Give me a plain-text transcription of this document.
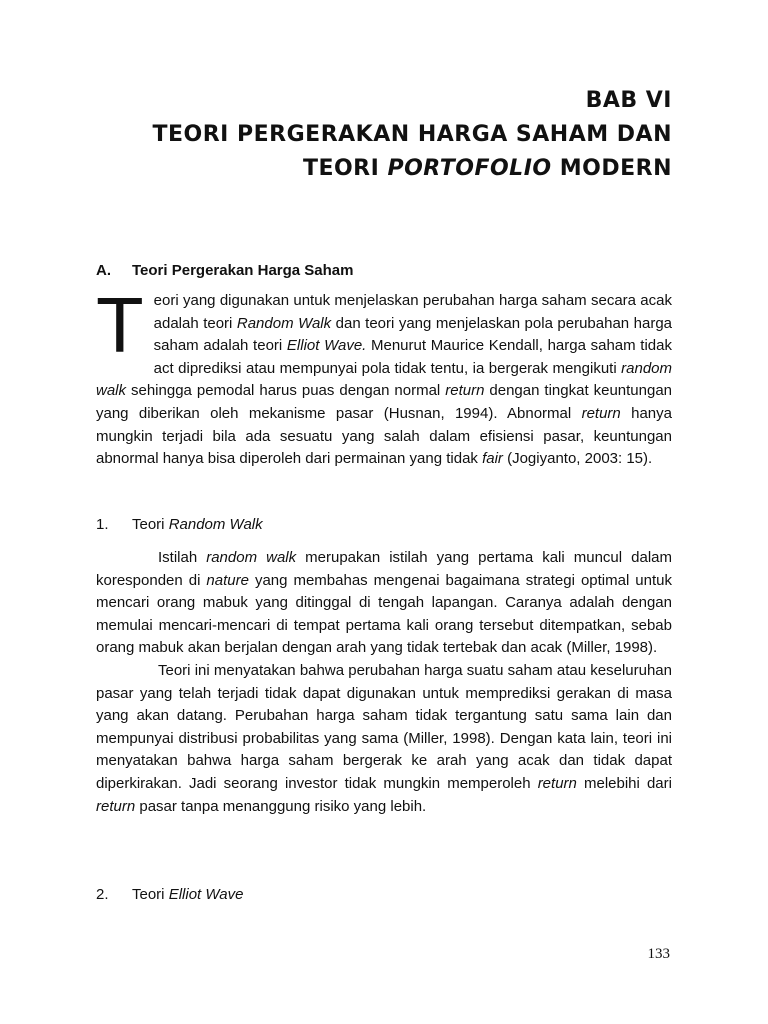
BAB VI
TEORI PERGERAKAN HARGA SAHAM DAN
TEORI PORTOFOLIO MODERN
A. Teori Pergerakan Harga Saham
Teori yang digunakan untuk menjelaskan perubahan harga saham secara acak adalah teori Random Walk dan teori yang menjelaskan pola perubahan harga saham adalah teori Elliot Wave. Menurut Maurice Kendall, harga saham tidak act diprediksi atau mempunyai pola tidak tentu, ia bergerak mengikuti random walk sehingga pemodal harus puas dengan normal return dengan tingkat keuntungan yang diberikan oleh mekanisme pasar (Husnan, 1994). Abnormal return hanya mungkin terjadi bila ada sesuatu yang salah dalam efisiensi pasar, keuntungan abnormal hanya bisa diperoleh dari permainan yang tidak fair (Jogiyanto, 2003: 15).
1. Teori Random Walk

Istilah random walk merupakan istilah yang pertama kali muncul dalam koresponden di nature yang membahas mengenai bagaimana strategi optimal untuk mencari orang mabuk yang ditinggal di tengah lapangan. Caranya adalah dengan memulai mencari-mencari di tempat pertama kali orang tersebut ditempatkan, sebab orang mabuk akan berjalan dengan arah yang tidak tertebak dan acak (Miller, 1998).

Teori ini menyatakan bahwa perubahan harga suatu saham atau keseluruhan pasar yang telah terjadi tidak dapat digunakan untuk memprediksi gerakan di masa yang akan datang. Perubahan harga saham tidak tergantung satu sama lain dan mempunyai distribusi probabilitas yang sama (Miller, 1998). Dengan kata lain, teori ini menyatakan bahwa harga saham bergerak ke arah yang acak dan tidak dapat diperkirakan. Jadi seorang investor tidak mungkin memperoleh return melebihi dari return pasar tanpa menanggung risiko yang lebih.

2. Teori Elliot Wave
133
